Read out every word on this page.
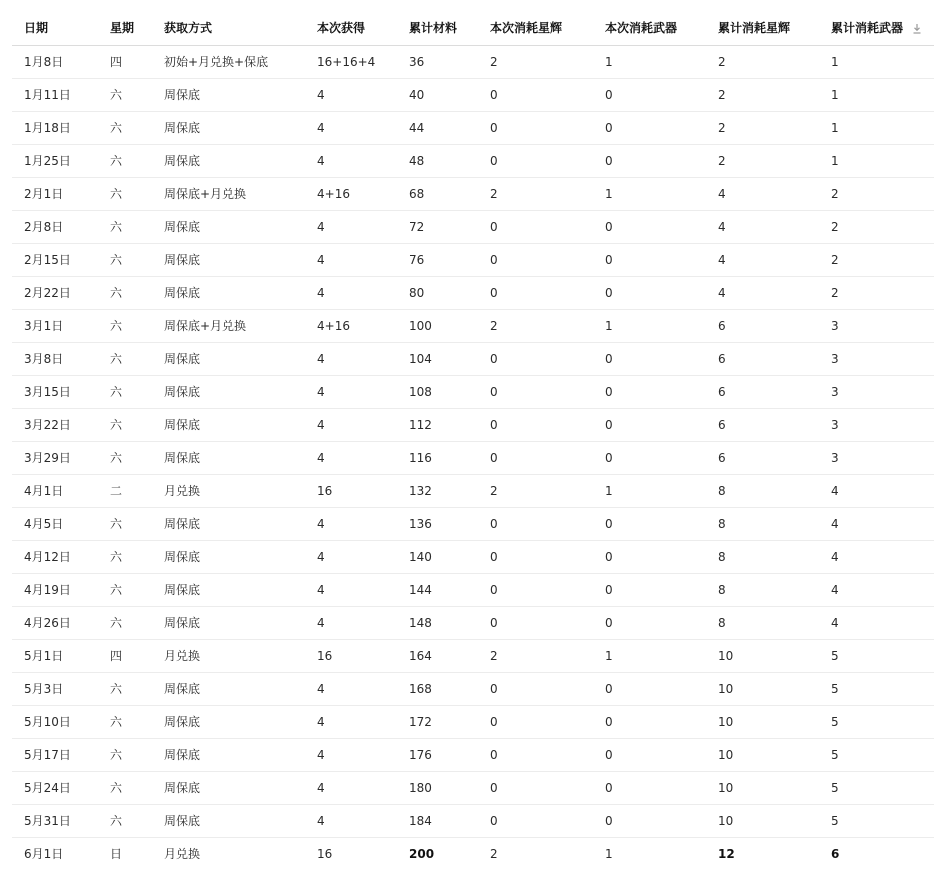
日期	星期	获取方式	本次获得	累计材料	本次消耗星辉	本次消耗武器	累计消耗星辉	累计消耗武器
1月8日	四	初始+月兑换+保底	16+16+4	36	2	1	2	1
1月11日	六	周保底	4	40	0	0	2	1
1月18日	六	周保底	4	44	0	0	2	1
1月25日	六	周保底	4	48	0	0	2	1
2月1日	六	周保底+月兑换	4+16	68	2	1	4	2
2月8日	六	周保底	4	72	0	0	4	2
2月15日	六	周保底	4	76	0	0	4	2
2月22日	六	周保底	4	80	0	0	4	2
3月1日	六	周保底+月兑换	4+16	100	2	1	6	3
3月8日	六	周保底	4	104	0	0	6	3
3月15日	六	周保底	4	108	0	0	6	3
3月22日	六	周保底	4	112	0	0	6	3
3月29日	六	周保底	4	116	0	0	6	3
4月1日	二	月兑换	16	132	2	1	8	4
4月5日	六	周保底	4	136	0	0	8	4
4月12日	六	周保底	4	140	0	0	8	4
4月19日	六	周保底	4	144	0	0	8	4
4月26日	六	周保底	4	148	0	0	8	4
5月1日	四	月兑换	16	164	2	1	10	5
5月3日	六	周保底	4	168	0	0	10	5
5月10日	六	周保底	4	172	0	0	10	5
5月17日	六	周保底	4	176	0	0	10	5
5月24日	六	周保底	4	180	0	0	10	5
5月31日	六	周保底	4	184	0	0	10	5
6月1日	日	月兑换	16	200	2	1	12	6
